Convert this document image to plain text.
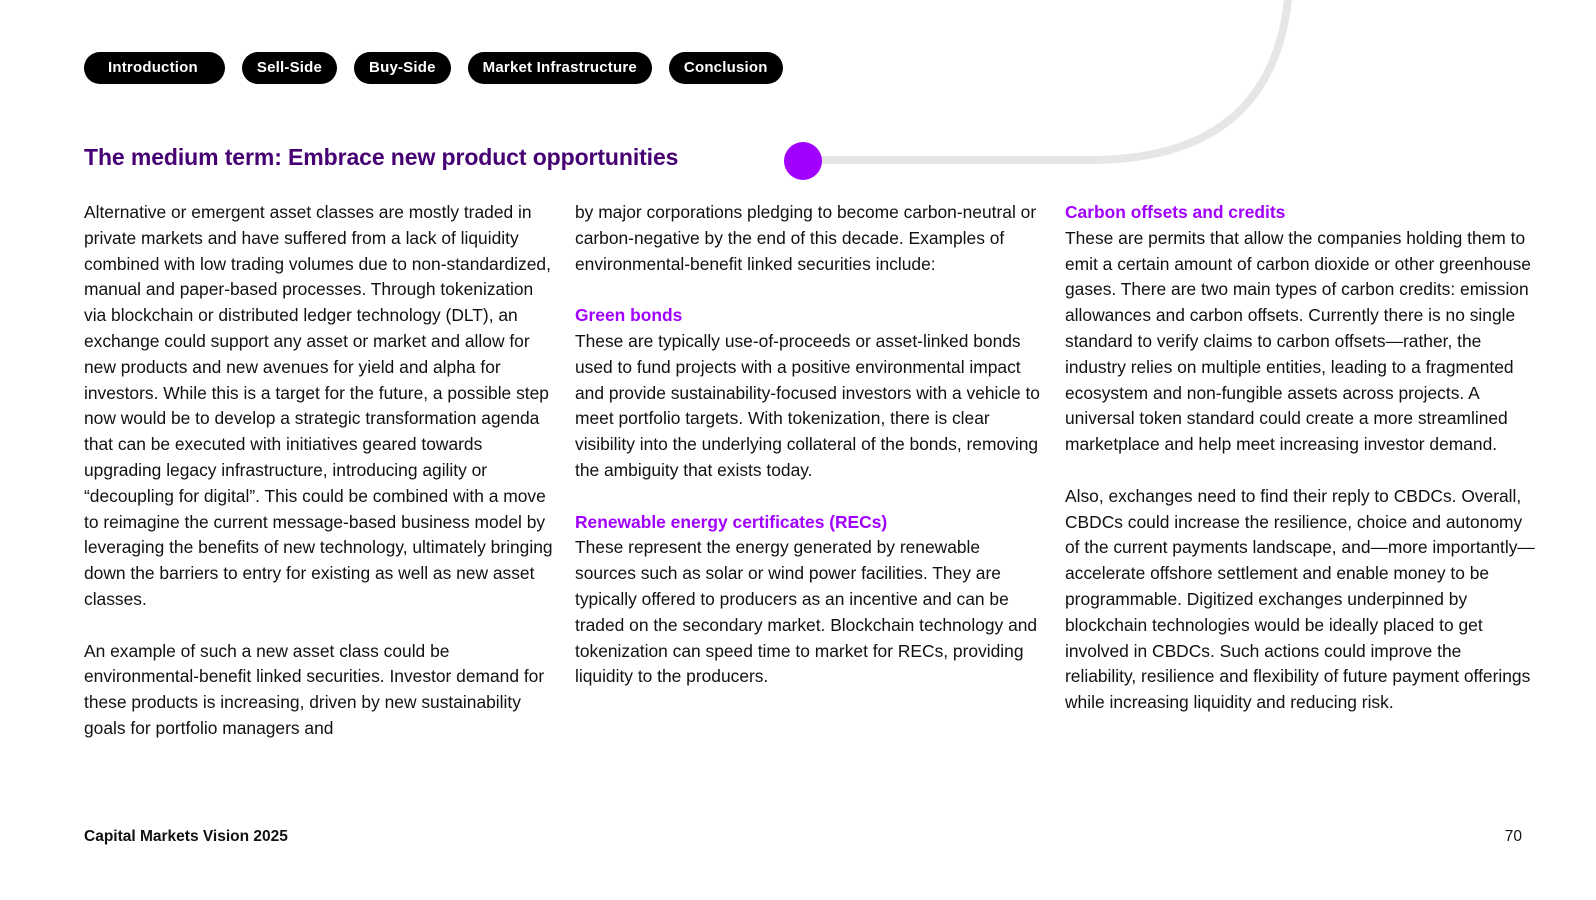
Introduction	Sell-Side	Buy-Side	Market Infrastructure	Conclusion
The medium term: Embrace new product opportunities

Alternative or emergent asset classes are mostly traded in private markets and have suffered from a lack of liquidity combined with low trading volumes due to non-standardized, manual and paper-based processes. Through tokenization via blockchain or distributed ledger technology (DLT), an exchange could support any asset or market and allow for new products and new avenues for yield and alpha for investors. While this is a target for the future, a possible step now would be to develop a strategic transformation agenda that can be executed with initiatives geared towards upgrading legacy infrastructure, introducing agility or “decoupling for digital”. This could be combined with a move to reimagine the current message-based business model by leveraging the benefits of new technology, ultimately bringing down the barriers to entry for existing as well as new asset classes.

An example of such a new asset class could be environmental-benefit linked securities. Investor demand for these products is increasing, driven by new sustainability goals for portfolio managers and

by major corporations pledging to become carbon-neutral or carbon-negative by the end of this decade. Examples of environmental-benefit linked securities include:

Green bonds

These are typically use-of-proceeds or asset-linked bonds used to fund projects with a positive environmental impact and provide sustainability-focused investors with a vehicle to meet portfolio targets. With tokenization, there is clear visibility into the underlying collateral of the bonds, removing the ambiguity that exists today.

Renewable energy certificates (RECs)

These represent the energy generated by renewable sources such as solar or wind power facilities. They are typically offered to producers as an incentive and can be traded on the secondary market. Blockchain technology and tokenization can speed time to market for RECs, providing liquidity to the producers.

Carbon offsets and credits

These are permits that allow the companies holding them to emit a certain amount of carbon dioxide or other greenhouse gases. There are two main types of carbon credits: emission allowances and carbon offsets. Currently there is no single standard to verify claims to carbon offsets—rather, the industry relies on multiple entities, leading to a fragmented ecosystem and non-fungible assets across projects. A universal token standard could create a more streamlined marketplace and help meet increasing investor demand.

Also, exchanges need to find their reply to CBDCs. Overall, CBDCs could increase the resilience, choice and autonomy of the current payments landscape, and—more importantly—accelerate offshore settlement and enable money to be programmable. Digitized exchanges underpinned by blockchain technologies would be ideally placed to get involved in CBDCs. Such actions could improve the reliability, resilience and flexibility of future payment offerings while increasing liquidity and reducing risk.

Capital Markets Vision 2025	70
